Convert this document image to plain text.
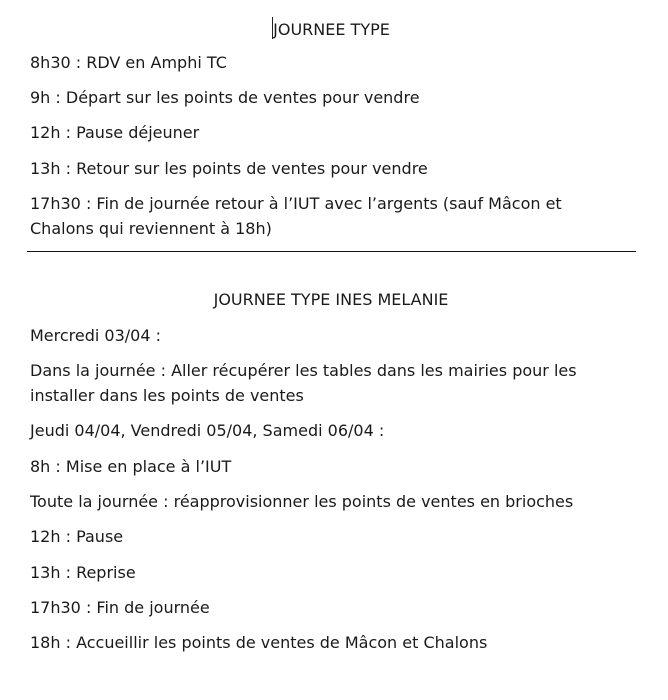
JOURNEE TYPE
8h30 : RDV en Amphi TC
9h : Départ sur les points de ventes pour vendre
12h : Pause déjeuner
13h : Retour sur les points de ventes pour vendre
17h30 : Fin de journée retour à l’IUT avec l’argents (sauf Mâcon et Chalons qui reviennent à 18h)
JOURNEE TYPE INES MELANIE
Mercredi 03/04 :
Dans la journée : Aller récupérer les tables dans les mairies pour les installer dans les points de ventes
Jeudi 04/04, Vendredi 05/04, Samedi 06/04 :
8h : Mise en place à l’IUT
Toute la journée : réapprovisionner les points de ventes en brioches
12h : Pause
13h : Reprise
17h30 : Fin de journée
18h : Accueillir les points de ventes de Mâcon et Chalons
